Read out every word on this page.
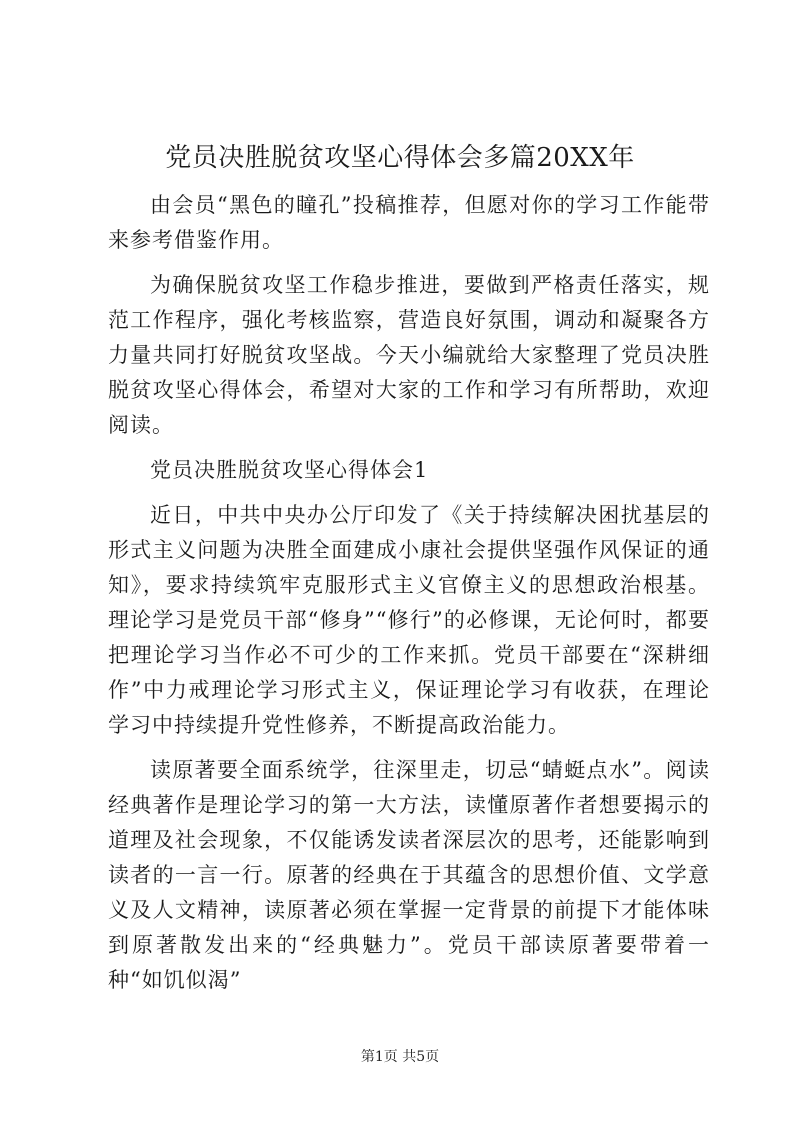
党员决胜脱贫攻坚心得体会多篇20XX年

由会员“黑色的瞳孔”投稿推荐，但愿对你的学习工作能带来参考借鉴作用。

为确保脱贫攻坚工作稳步推进，要做到严格责任落实，规范工作程序，强化考核监察，营造良好氛围，调动和凝聚各方力量共同打好脱贫攻坚战。今天小编就给大家整理了党员决胜脱贫攻坚心得体会，希望对大家的工作和学习有所帮助，欢迎阅读。

党员决胜脱贫攻坚心得体会1

近日，中共中央办公厅印发了《关于持续解决困扰基层的形式主义问题为决胜全面建成小康社会提供坚强作风保证的通知》，要求持续筑牢克服形式主义官僚主义的思想政治根基。理论学习是党员干部“修身”“修行”的必修课，无论何时，都要把理论学习当作必不可少的工作来抓。党员干部要在“深耕细作”中力戒理论学习形式主义，保证理论学习有收获，在理论学习中持续提升党性修养，不断提高政治能力。

读原著要全面系统学，往深里走，切忌“蜻蜓点水”。阅读经典著作是理论学习的第一大方法，读懂原著作者想要揭示的道理及社会现象，不仅能诱发读者深层次的思考，还能影响到读者的一言一行。原著的经典在于其蕴含的思想价值、文学意义及人文精神，读原著必须在掌握一定背景的前提下才能体味到原著散发出来的“经典魅力”。党员干部读原著要带着一种“如饥似渴”

第1页 共5页
